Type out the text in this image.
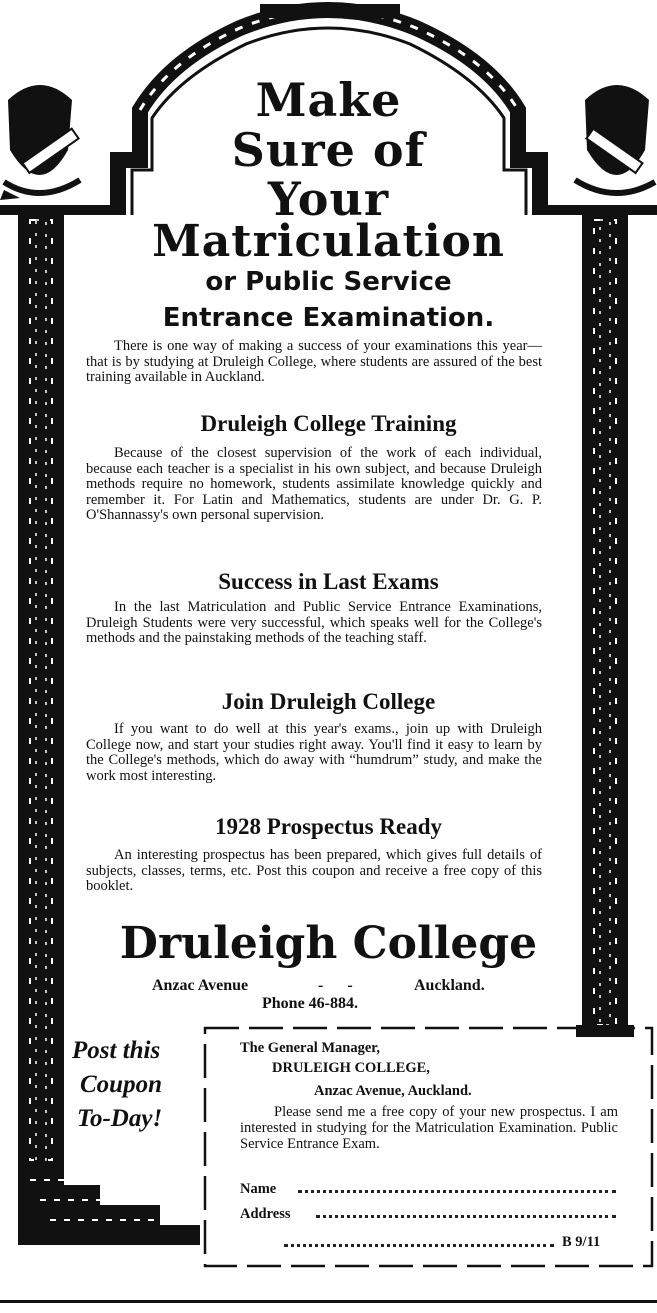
Make
Sure of
Your
Matriculation
or Public Service
Entrance Examination.
There is one way of making a success of your examinations this year—that is by studying at Druleigh College, where students are assured of the best training available in Auckland.
Druleigh College Training
Because of the closest supervision of the work of each individual, because each teacher is a specialist in his own subject, and because Druleigh methods require no homework, students assimilate knowledge quickly and remember it. For Latin and Mathematics, students are under Dr. G. P. O'Shannassy's own personal supervision.
Success in Last Exams
In the last Matriculation and Public Service Entrance Examinations, Druleigh Students were very successful, which speaks well for the College's methods and the painstaking methods of the teaching staff.
Join Druleigh College
If you want to do well at this year's exams., join up with Druleigh College now, and start your studies right away. You'll find it easy to learn by the College's methods, which do away with “humdrum” study, and make the work most interesting.
1928 Prospectus Ready
An interesting prospectus has been prepared, which gives full details of subjects, classes, terms, etc. Post this coupon and receive a free copy of this booklet.
Druleigh College
Anzac Avenue	-      -	Auckland.
Phone 46-884.
Post this
Coupon
To-Day!
The General Manager,
DRULEIGH COLLEGE,
Anzac Avenue, Auckland.
Please send me a free copy of your new prospectus. I am interested in studying for the Matriculation Examination. Public Service Entrance Exam.
Name
Address
B 9/11
